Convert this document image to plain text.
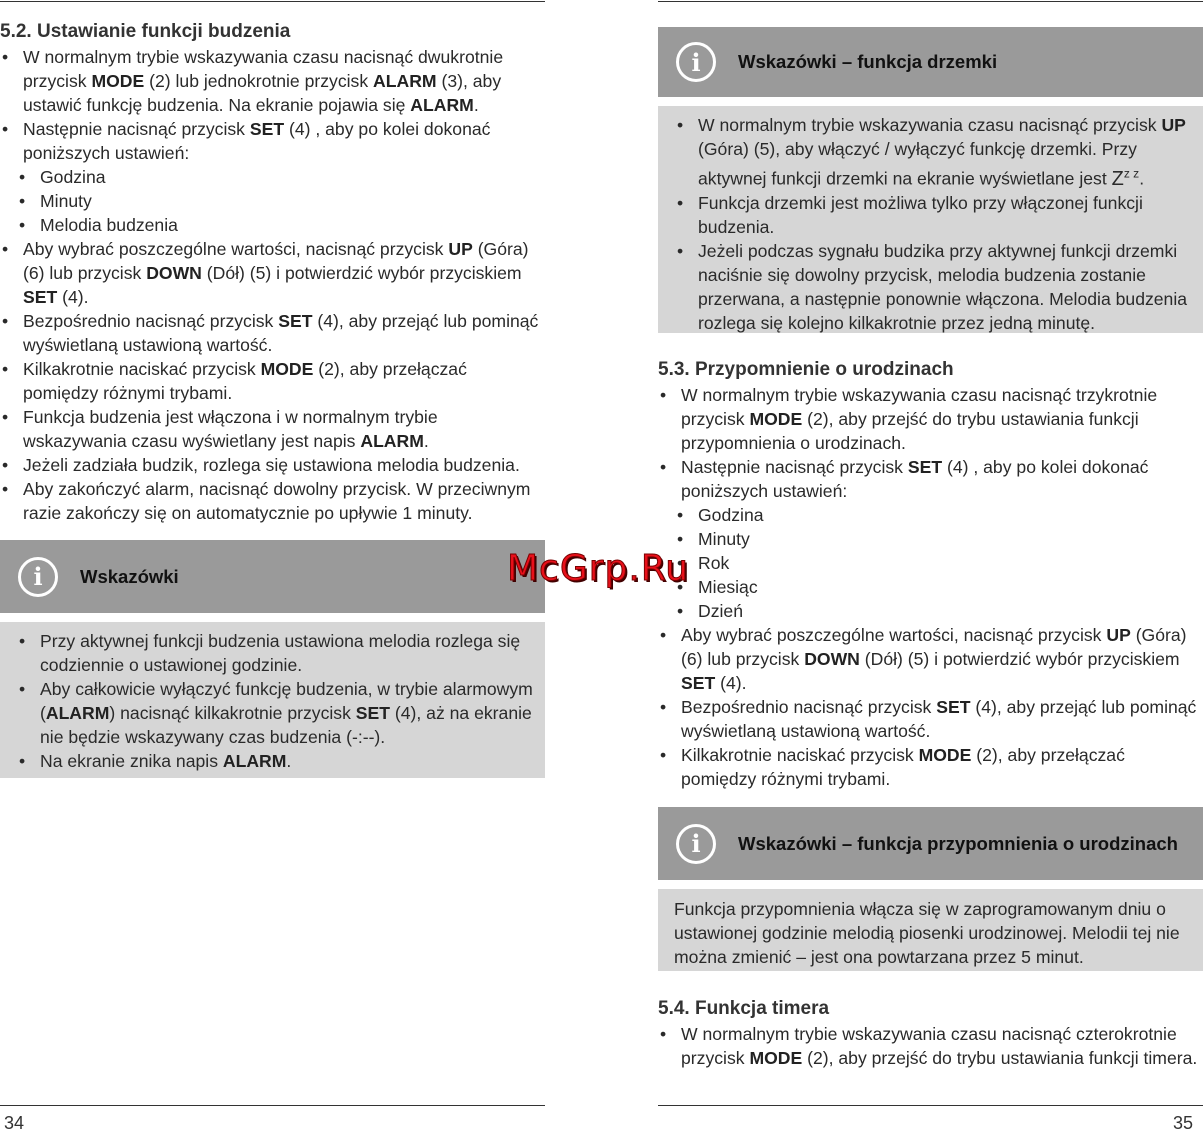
5.2. Ustawianie funkcji budzenia
• W normalnym trybie wskazywania czasu nacisnąć dwukrotnie przycisk MODE (2) lub jednokrotnie przycisk ALARM (3), aby ustawić funkcję budzenia. Na ekranie pojawia się ALARM.
• Następnie nacisnąć przycisk SET (4) , aby po kolei dokonać poniższych ustawień:
• Godzina
• Minuty
• Melodia budzenia
• Aby wybrać poszczególne wartości, nacisnąć przycisk UP (Góra) (6) lub przycisk DOWN (Dół) (5) i potwierdzić wybór przyciskiem SET (4).
• Bezpośrednio nacisnąć przycisk SET (4), aby przejąć lub pominąć wyświetlaną ustawioną wartość.
• Kilkakrotnie naciskać przycisk MODE (2), aby przełączać pomiędzy różnymi trybami.
• Funkcja budzenia jest włączona i w normalnym trybie wskazywania czasu wyświetlany jest napis ALARM.
• Jeżeli zadziała budzik, rozlega się ustawiona melodia budzenia.
• Aby zakończyć alarm, nacisnąć dowolny przycisk. W przeciwnym razie zakończy się on automatycznie po upływie 1 minuty.
i	Wskazówki
• Przy aktywnej funkcji budzenia ustawiona melodia rozlega się codziennie o ustawionej godzinie.
• Aby całkowicie wyłączyć funkcję budzenia, w trybie alarmowym (ALARM) nacisnąć kilkakrotnie przycisk SET (4), aż na ekranie nie będzie wskazywany czas budzenia (-:--).
• Na ekranie znika napis ALARM.
34
i	Wskazówki – funkcja drzemki
• W normalnym trybie wskazywania czasu nacisnąć przycisk UP (Góra) (5), aby włączyć / wyłączyć funkcję drzemki. Przy aktywnej funkcji drzemki na ekranie wyświetlane jest $Z^{z z}$.
• Funkcja drzemki jest możliwa tylko przy włączonej funkcji budzenia.
• Jeżeli podczas sygnału budzika przy aktywnej funkcji drzemki naciśnie się dowolny przycisk, melodia budzenia zostanie przerwana, a następnie ponownie włączona. Melodia budzenia rozlega się kolejno kilkakrotnie przez jedną minutę.
5.3. Przypomnienie o urodzinach
• W normalnym trybie wskazywania czasu nacisnąć trzykrotnie przycisk MODE (2), aby przejść do trybu ustawiania funkcji przypomnienia o urodzinach.
• Następnie nacisnąć przycisk SET (4) , aby po kolei dokonać poniższych ustawień:
• Godzina
• Minuty
• Rok
• Miesiąc
• Dzień
• Aby wybrać poszczególne wartości, nacisnąć przycisk UP (Góra) (6) lub przycisk DOWN (Dół) (5) i potwierdzić wybór przyciskiem SET (4).
• Bezpośrednio nacisnąć przycisk SET (4), aby przejąć lub pominąć wyświetlaną ustawioną wartość.
• Kilkakrotnie naciskać przycisk MODE (2), aby przełączać pomiędzy różnymi trybami.
i	Wskazówki – funkcja przypomnienia o urodzinach

Funkcja przypomnienia włącza się w zaprogramowanym dniu o ustawionej godzinie melodią piosenki urodzinowej. Melodii tej nie można zmienić – jest ona powtarzana przez 5 minut.

5.4. Funkcja timera
• W normalnym trybie wskazywania czasu nacisnąć czterokrotnie przycisk MODE (2), aby przejść do trybu ustawiania funkcji timera.
35
McGrp.Ru
